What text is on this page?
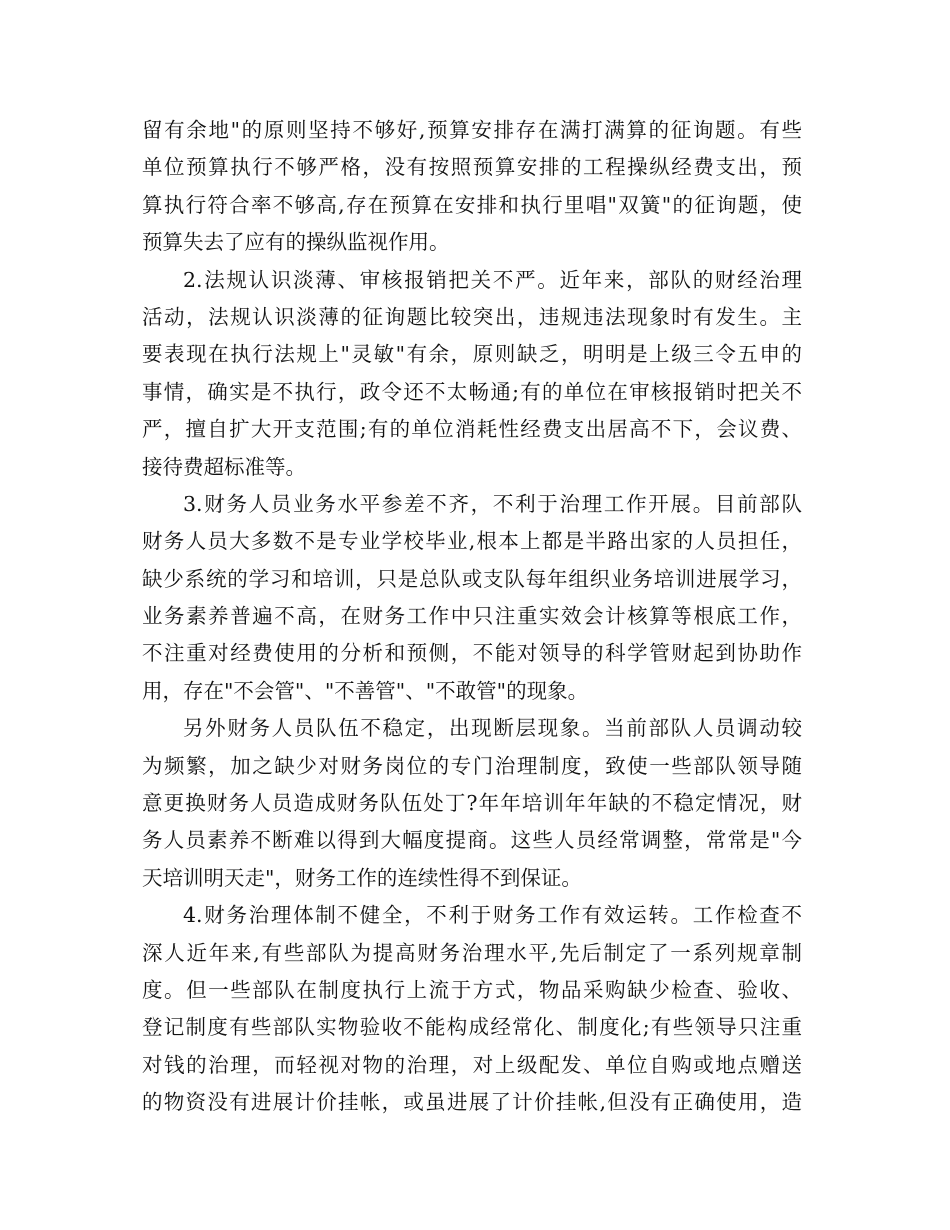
留有余地"的原则坚持不够好,预算安排存在满打满算的征询题。有些
单位预算执行不够严格，没有按照预算安排的工程操纵经费支出，预
算执行符合率不够高,存在预算在安排和执行里唱"双簧"的征询题，使
预算失去了应有的操纵监视作用。
2.法规认识淡薄、审核报销把关不严。近年来，部队的财经治理
活动，法规认识淡薄的征询题比较突出，违规违法现象时有发生。主
要表现在执行法规上"灵敏"有余，原则缺乏，明明是上级三令五申的
事情，确实是不执行，政令还不太畅通;有的单位在审核报销时把关不
严，擅自扩大开支范围;有的单位消耗性经费支出居高不下，会议费、
接待费超标准等。
3.财务人员业务水平参差不齐，不利于治理工作开展。目前部队
财务人员大多数不是专业学校毕业,根本上都是半路出家的人员担任，
缺少系统的学习和培训，只是总队或支队每年组织业务培训进展学习，
业务素养普遍不高，在财务工作中只注重实效会计核算等根底工作，
不注重对经费使用的分析和预侧，不能对领导的科学管财起到协助作
用，存在"不会管"、"不善管"、"不敢管"的现象。
另外财务人员队伍不稳定，出现断层现象。当前部队人员调动较
为频繁，加之缺少对财务岗位的专门治理制度，致使一些部队领导随
意更换财务人员造成财务队伍处丁?年年培训年年缺的不稳定情况，财
务人员素养不断难以得到大幅度提商。这些人员经常调整，常常是"今
天培训明天走"，财务工作的连续性得不到保证。
4.财务治理体制不健全，不利于财务工作有效运转。工作检查不
深人近年来,有些部队为提高财务治理水平,先后制定了一系列规章制
度。但一些部队在制度执行上流于方式，物品采购缺少检查、验收、
登记制度有些部队实物验收不能构成经常化、制度化;有些领导只注重
对钱的治理，而轻视对物的治理，对上级配发、单位自购或地点赠送
的物资没有进展计价挂帐，或虽进展了计价挂帐,但没有正确使用，造
